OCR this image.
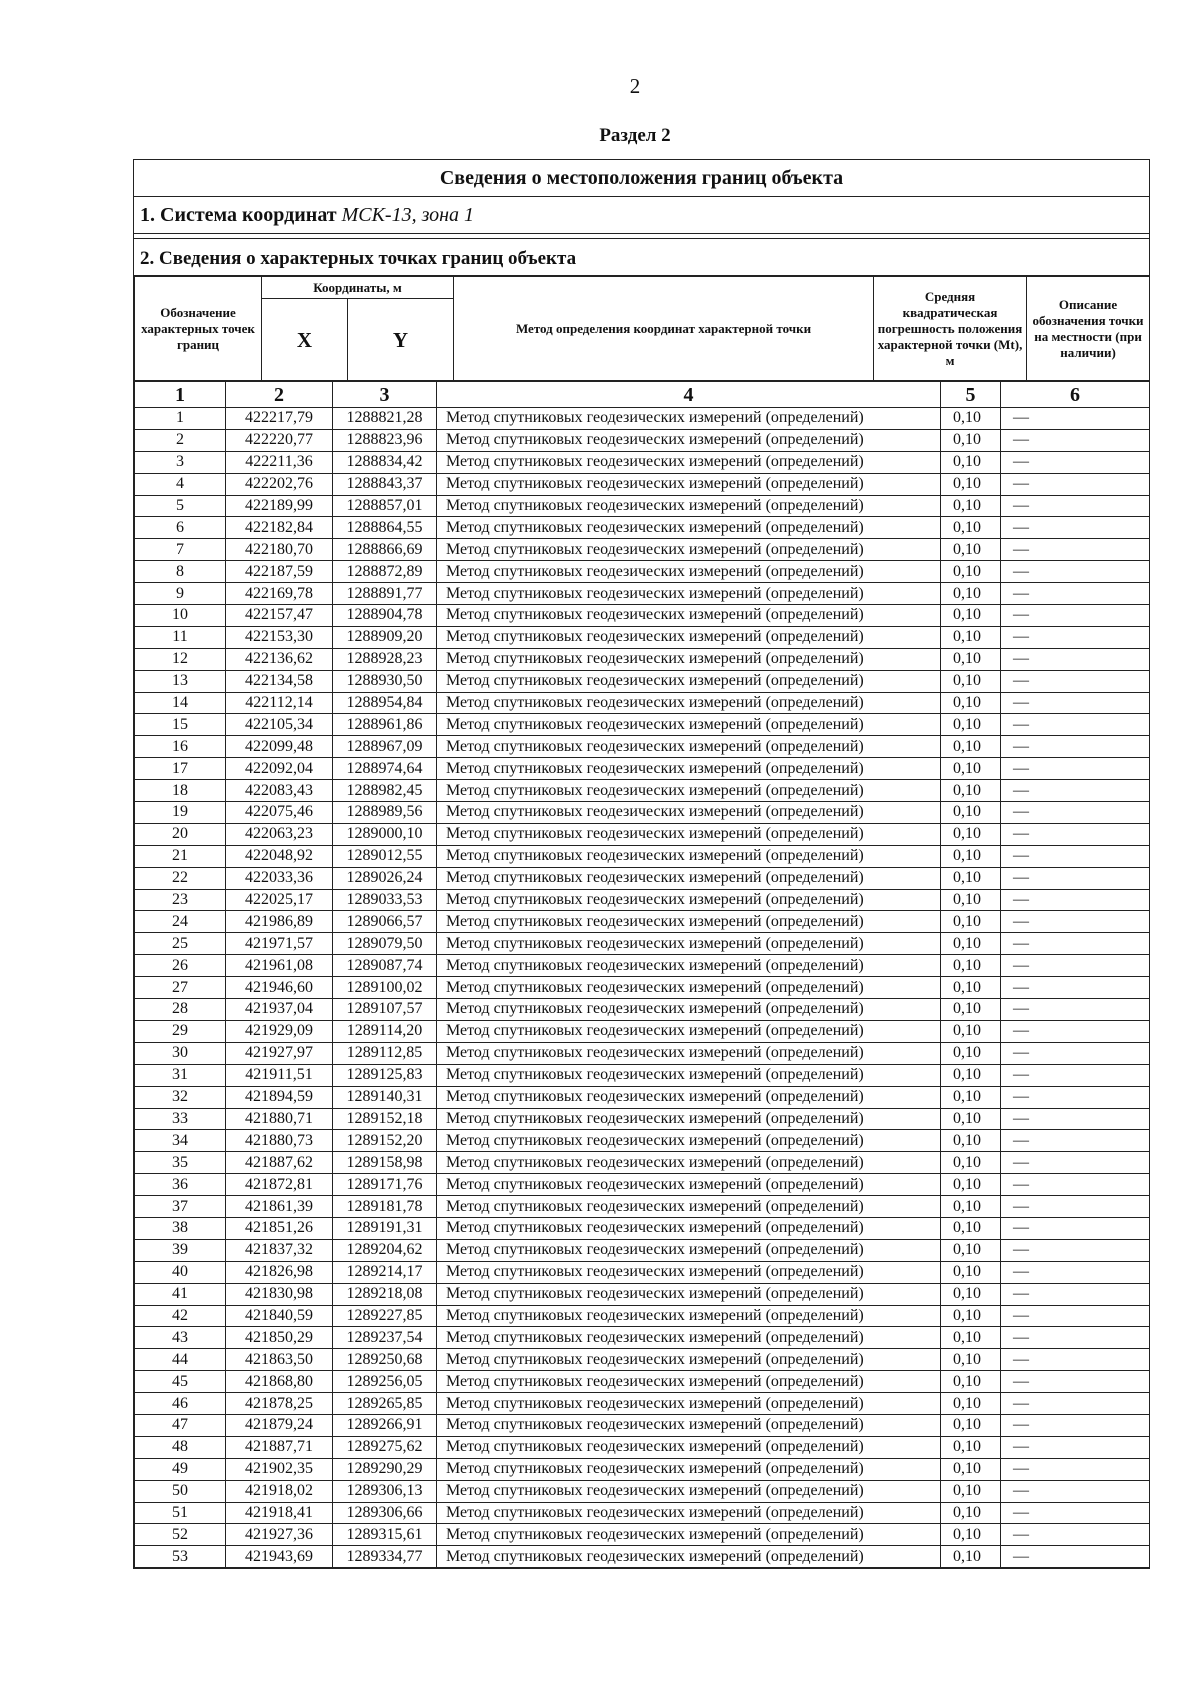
2
Раздел 2
Сведения о местоположения границ объекта
1. Система координат МСК-13, зона 1
2. Сведения о характерных точках границ объекта
Обозначение характерных точек границ	Координаты, м		Метод определения координат характерной точки	Средняя квадратическая погрешность положения характерной точки (Mt), м	Описание обозначения точки на местности (при наличии)
	X	Y			
1	2	3	4	5	6
1	422217,79	1288821,28	Метод спутниковых геодезических измерений (определений)	0,10	—
2	422220,77	1288823,96	Метод спутниковых геодезических измерений (определений)	0,10	—
3	422211,36	1288834,42	Метод спутниковых геодезических измерений (определений)	0,10	—
4	422202,76	1288843,37	Метод спутниковых геодезических измерений (определений)	0,10	—
5	422189,99	1288857,01	Метод спутниковых геодезических измерений (определений)	0,10	—
6	422182,84	1288864,55	Метод спутниковых геодезических измерений (определений)	0,10	—
7	422180,70	1288866,69	Метод спутниковых геодезических измерений (определений)	0,10	—
8	422187,59	1288872,89	Метод спутниковых геодезических измерений (определений)	0,10	—
9	422169,78	1288891,77	Метод спутниковых геодезических измерений (определений)	0,10	—
10	422157,47	1288904,78	Метод спутниковых геодезических измерений (определений)	0,10	—
11	422153,30	1288909,20	Метод спутниковых геодезических измерений (определений)	0,10	—
12	422136,62	1288928,23	Метод спутниковых геодезических измерений (определений)	0,10	—
13	422134,58	1288930,50	Метод спутниковых геодезических измерений (определений)	0,10	—
14	422112,14	1288954,84	Метод спутниковых геодезических измерений (определений)	0,10	—
15	422105,34	1288961,86	Метод спутниковых геодезических измерений (определений)	0,10	—
16	422099,48	1288967,09	Метод спутниковых геодезических измерений (определений)	0,10	—
17	422092,04	1288974,64	Метод спутниковых геодезических измерений (определений)	0,10	—
18	422083,43	1288982,45	Метод спутниковых геодезических измерений (определений)	0,10	—
19	422075,46	1288989,56	Метод спутниковых геодезических измерений (определений)	0,10	—
20	422063,23	1289000,10	Метод спутниковых геодезических измерений (определений)	0,10	—
21	422048,92	1289012,55	Метод спутниковых геодезических измерений (определений)	0,10	—
22	422033,36	1289026,24	Метод спутниковых геодезических измерений (определений)	0,10	—
23	422025,17	1289033,53	Метод спутниковых геодезических измерений (определений)	0,10	—
24	421986,89	1289066,57	Метод спутниковых геодезических измерений (определений)	0,10	—
25	421971,57	1289079,50	Метод спутниковых геодезических измерений (определений)	0,10	—
26	421961,08	1289087,74	Метод спутниковых геодезических измерений (определений)	0,10	—
27	421946,60	1289100,02	Метод спутниковых геодезических измерений (определений)	0,10	—
28	421937,04	1289107,57	Метод спутниковых геодезических измерений (определений)	0,10	—
29	421929,09	1289114,20	Метод спутниковых геодезических измерений (определений)	0,10	—
30	421927,97	1289112,85	Метод спутниковых геодезических измерений (определений)	0,10	—
31	421911,51	1289125,83	Метод спутниковых геодезических измерений (определений)	0,10	—
32	421894,59	1289140,31	Метод спутниковых геодезических измерений (определений)	0,10	—
33	421880,71	1289152,18	Метод спутниковых геодезических измерений (определений)	0,10	—
34	421880,73	1289152,20	Метод спутниковых геодезических измерений (определений)	0,10	—
35	421887,62	1289158,98	Метод спутниковых геодезических измерений (определений)	0,10	—
36	421872,81	1289171,76	Метод спутниковых геодезических измерений (определений)	0,10	—
37	421861,39	1289181,78	Метод спутниковых геодезических измерений (определений)	0,10	—
38	421851,26	1289191,31	Метод спутниковых геодезических измерений (определений)	0,10	—
39	421837,32	1289204,62	Метод спутниковых геодезических измерений (определений)	0,10	—
40	421826,98	1289214,17	Метод спутниковых геодезических измерений (определений)	0,10	—
41	421830,98	1289218,08	Метод спутниковых геодезических измерений (определений)	0,10	—
42	421840,59	1289227,85	Метод спутниковых геодезических измерений (определений)	0,10	—
43	421850,29	1289237,54	Метод спутниковых геодезических измерений (определений)	0,10	—
44	421863,50	1289250,68	Метод спутниковых геодезических измерений (определений)	0,10	—
45	421868,80	1289256,05	Метод спутниковых геодезических измерений (определений)	0,10	—
46	421878,25	1289265,85	Метод спутниковых геодезических измерений (определений)	0,10	—
47	421879,24	1289266,91	Метод спутниковых геодезических измерений (определений)	0,10	—
48	421887,71	1289275,62	Метод спутниковых геодезических измерений (определений)	0,10	—
49	421902,35	1289290,29	Метод спутниковых геодезических измерений (определений)	0,10	—
50	421918,02	1289306,13	Метод спутниковых геодезических измерений (определений)	0,10	—
51	421918,41	1289306,66	Метод спутниковых геодезических измерений (определений)	0,10	—
52	421927,36	1289315,61	Метод спутниковых геодезических измерений (определений)	0,10	—
53	421943,69	1289334,77	Метод спутниковых геодезических измерений (определений)	0,10	—
